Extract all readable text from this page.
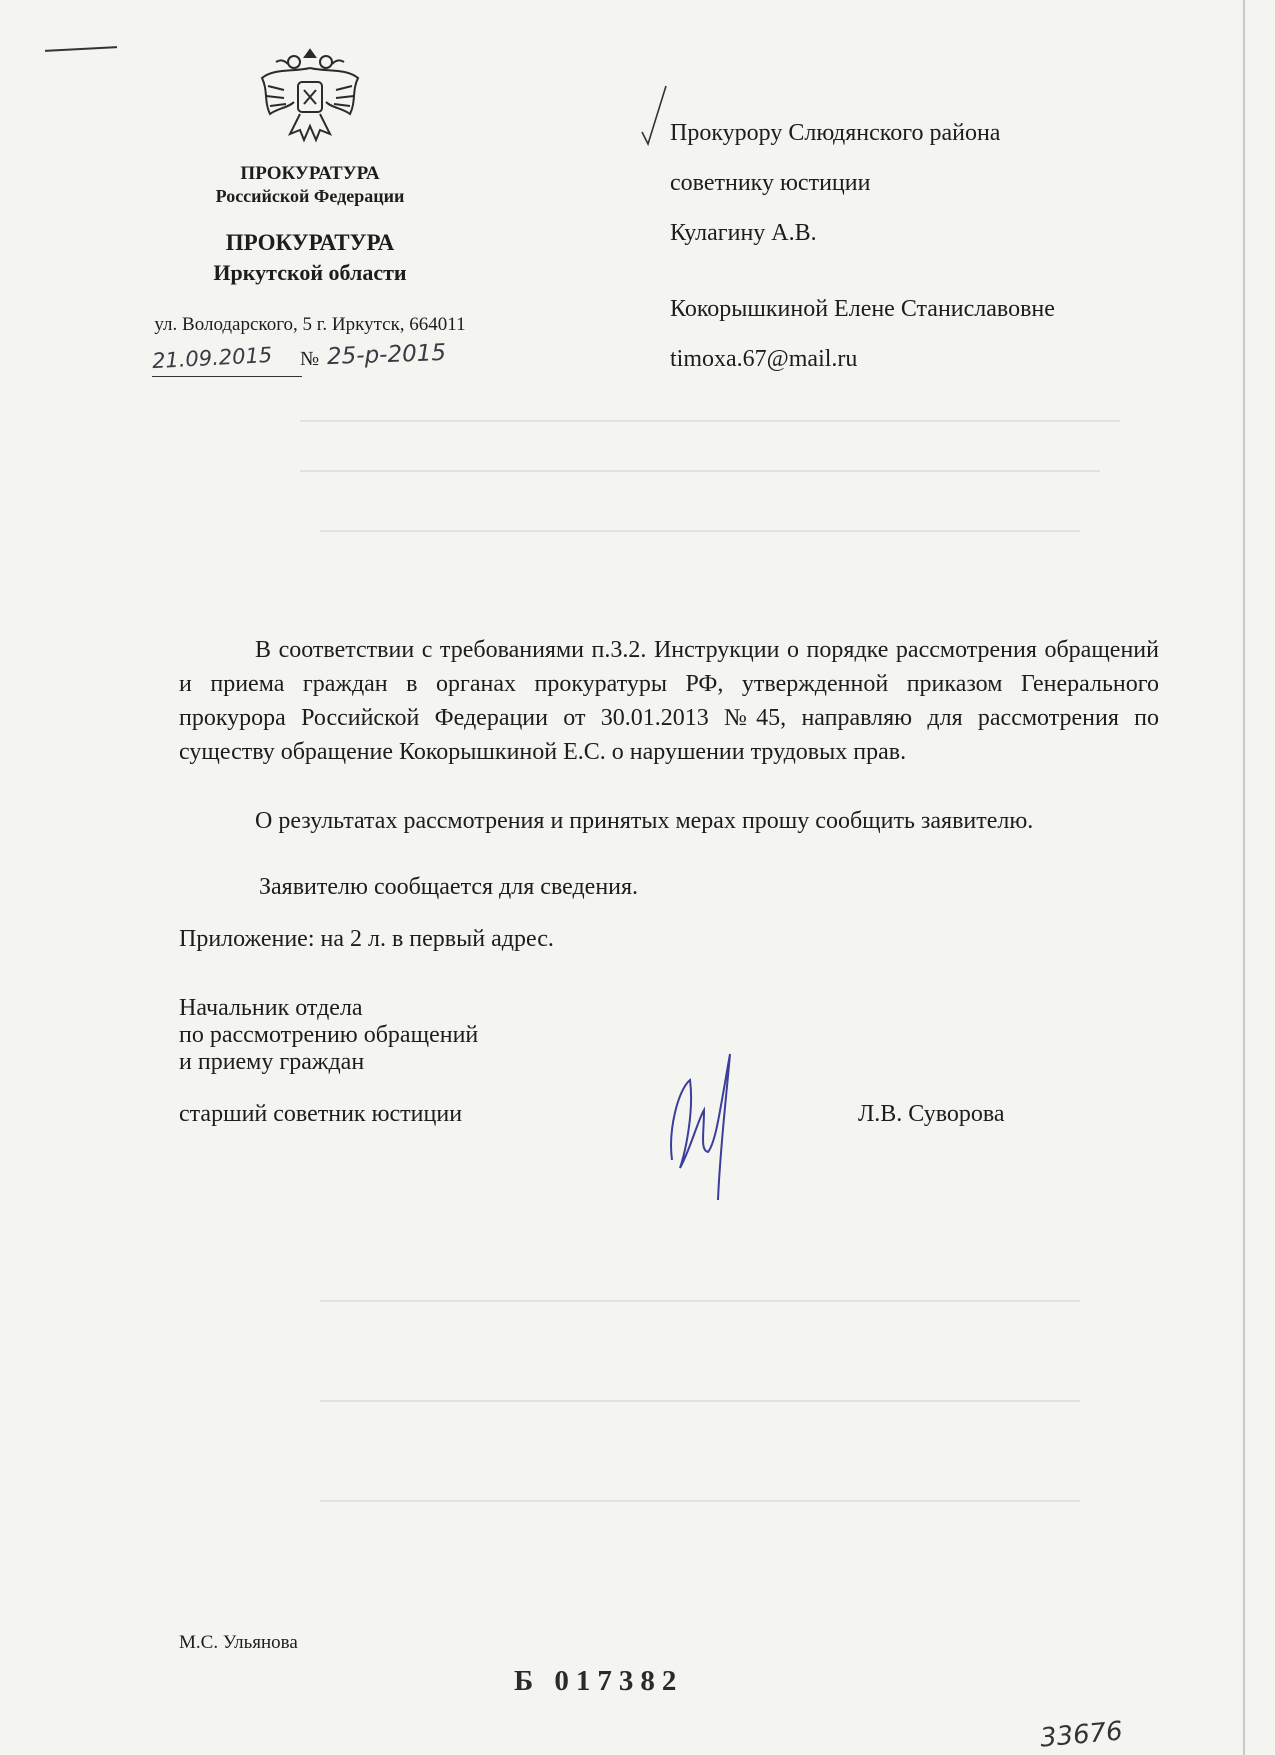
ПРОКУРАТУРА
Российской Федерации
ПРОКУРАТУРА
Иркутской области
ул. Володарского, 5 г. Иркутск, 664011
21.09.2015 № 25-р-2015
Прокурору Слюдянского района
советнику юстиции
Кулагину А.В.
Кокорышкиной Елене Станиславовне
timoxa.67@mail.ru
В соответствии с требованиями п.3.2. Инструкции о порядке рассмотрения обращений и приема граждан в органах прокуратуры РФ, утвержденной приказом Генерального прокурора Российской Федерации от 30.01.2013 №45, направляю для рассмотрения по существу обращение Кокорышкиной Е.С. о нарушении трудовых прав.
О результатах рассмотрения и принятых мерах прошу сообщить заявителю.
Заявителю сообщается для сведения.
Приложение: на 2 л. в первый адрес.
Начальник отдела
по рассмотрению обращений
и приему граждан
старший советник юстиции	Л.В. Суворова
М.С. Ульянова
Б 017382
33676
